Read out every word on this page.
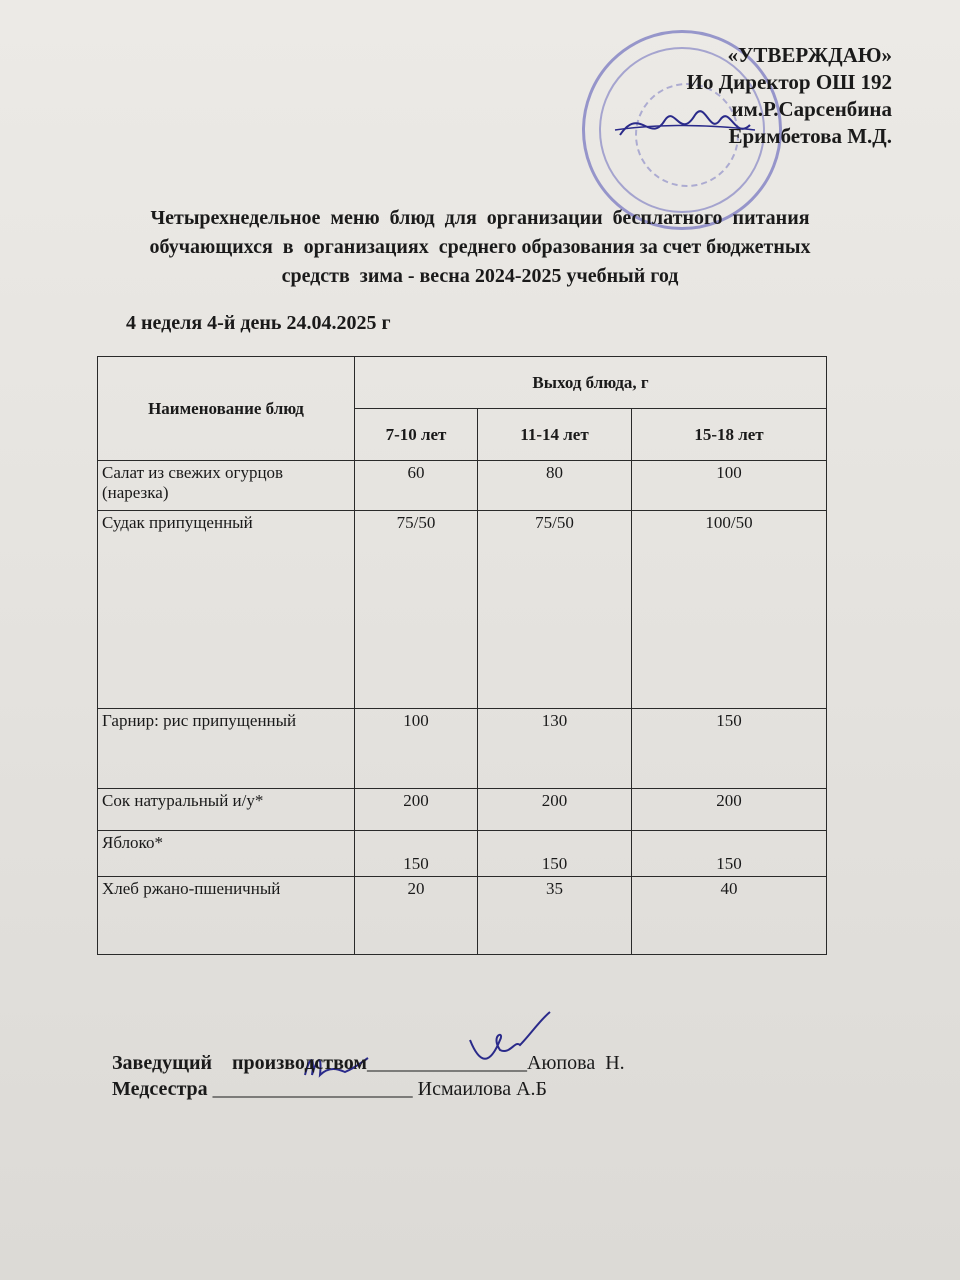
«УТВЕРЖДАЮ»
Ио Директор ОШ 192
им.Р.Сарсенбина
Еримбетова М.Д.
Четырехнедельное  меню  блюд  для  организации  бесплатного  питания
обучающихся  в  организациях  среднего образования за счет бюджетных
средств  зима - весна 2024-2025 учебный год
4 неделя 4-й день 24.04.2025 г
Наименование блюд	Выход блюда, г		
	7-10 лет	11-14 лет	15-18 лет
Салат из свежих огурцов (нарезка)	60	80	100
Судак припущенный	75/50	75/50	100/50
Гарнир: рис припущенный	100	130	150
Сок натуральный и/у*	200	200	200
Яблоко*	150	150	150
Хлеб ржано-пшеничный	20	35	40
Заведущий    производством________________Аюпова  Н.
Медсестра ____________________ Исмаилова А.Б
